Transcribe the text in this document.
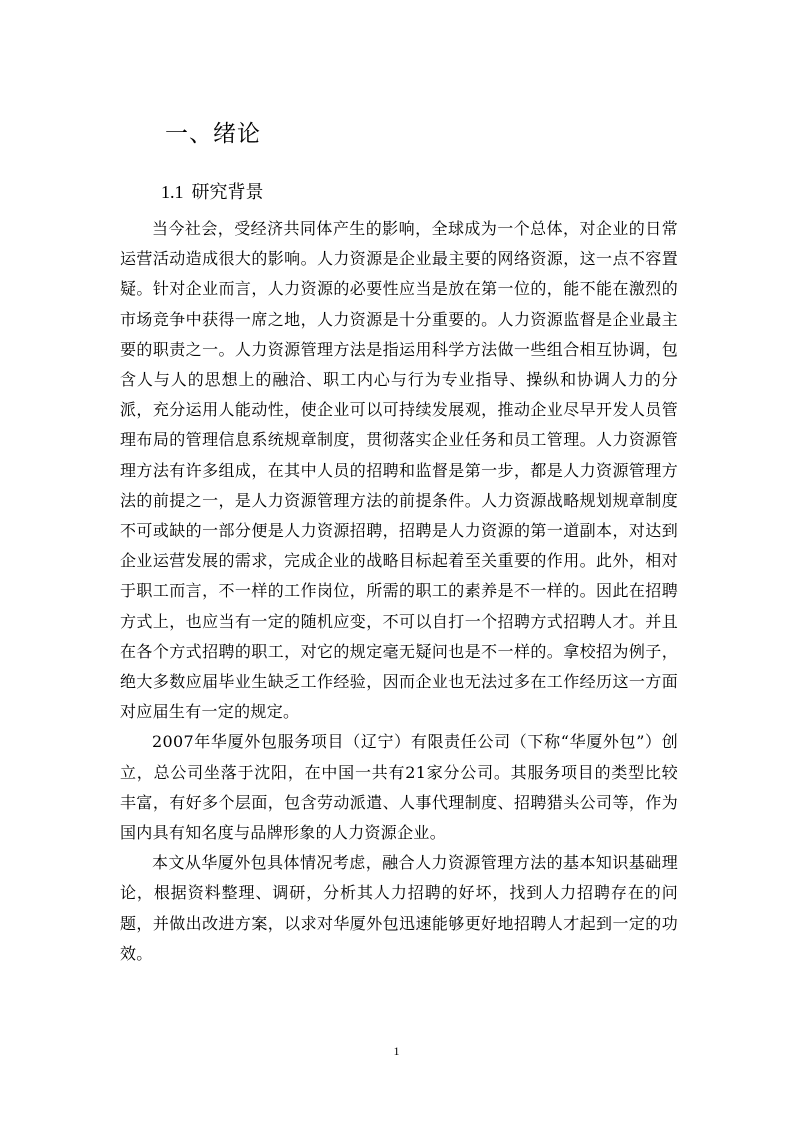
一、绪论
1.1 研究背景

当今社会，受经济共同体产生的影响，全球成为一个总体，对企业的日常运营活动造成很大的影响。人力资源是企业最主要的网络资源，这一点不容置疑。针对企业而言，人力资源的必要性应当是放在第一位的，能不能在激烈的市场竞争中获得一席之地，人力资源是十分重要的。人力资源监督是企业最主要的职责之一。人力资源管理方法是指运用科学方法做一些组合相互协调，包含人与人的思想上的融洽、职工内心与行为专业指导、操纵和协调人力的分派，充分运用人能动性，使企业可以可持续发展观，推动企业尽早开发人员管理布局的管理信息系统规章制度，贯彻落实企业任务和员工管理。人力资源管理方法有许多组成，在其中人员的招聘和监督是第一步，都是人力资源管理方法的前提之一，是人力资源管理方法的前提条件。人力资源战略规划规章制度不可或缺的一部分便是人力资源招聘，招聘是人力资源的第一道副本，对达到企业运营发展的需求，完成企业的战略目标起着至关重要的作用。此外，相对于职工而言，不一样的工作岗位，所需的职工的素养是不一样的。因此在招聘方式上，也应当有一定的随机应变，不可以自打一个招聘方式招聘人才。并且在各个方式招聘的职工，对它的规定毫无疑问也是不一样的。拿校招为例子，绝大多数应届毕业生缺乏工作经验，因而企业也无法过多在工作经历这一方面对应届生有一定的规定。

2007年华厦外包服务项目（辽宁）有限责任公司（下称“华厦外包”）创立，总公司坐落于沈阳，在中国一共有21家分公司。其服务项目的类型比较丰富，有好多个层面，包含劳动派遣、人事代理制度、招聘猎头公司等，作为国内具有知名度与品牌形象的人力资源企业。

本文从华厦外包具体情况考虑，融合人力资源管理方法的基本知识基础理论，根据资料整理、调研，分析其人力招聘的好坏，找到人力招聘存在的问题，并做出改进方案，以求对华厦外包迅速能够更好地招聘人才起到一定的功效。

1
